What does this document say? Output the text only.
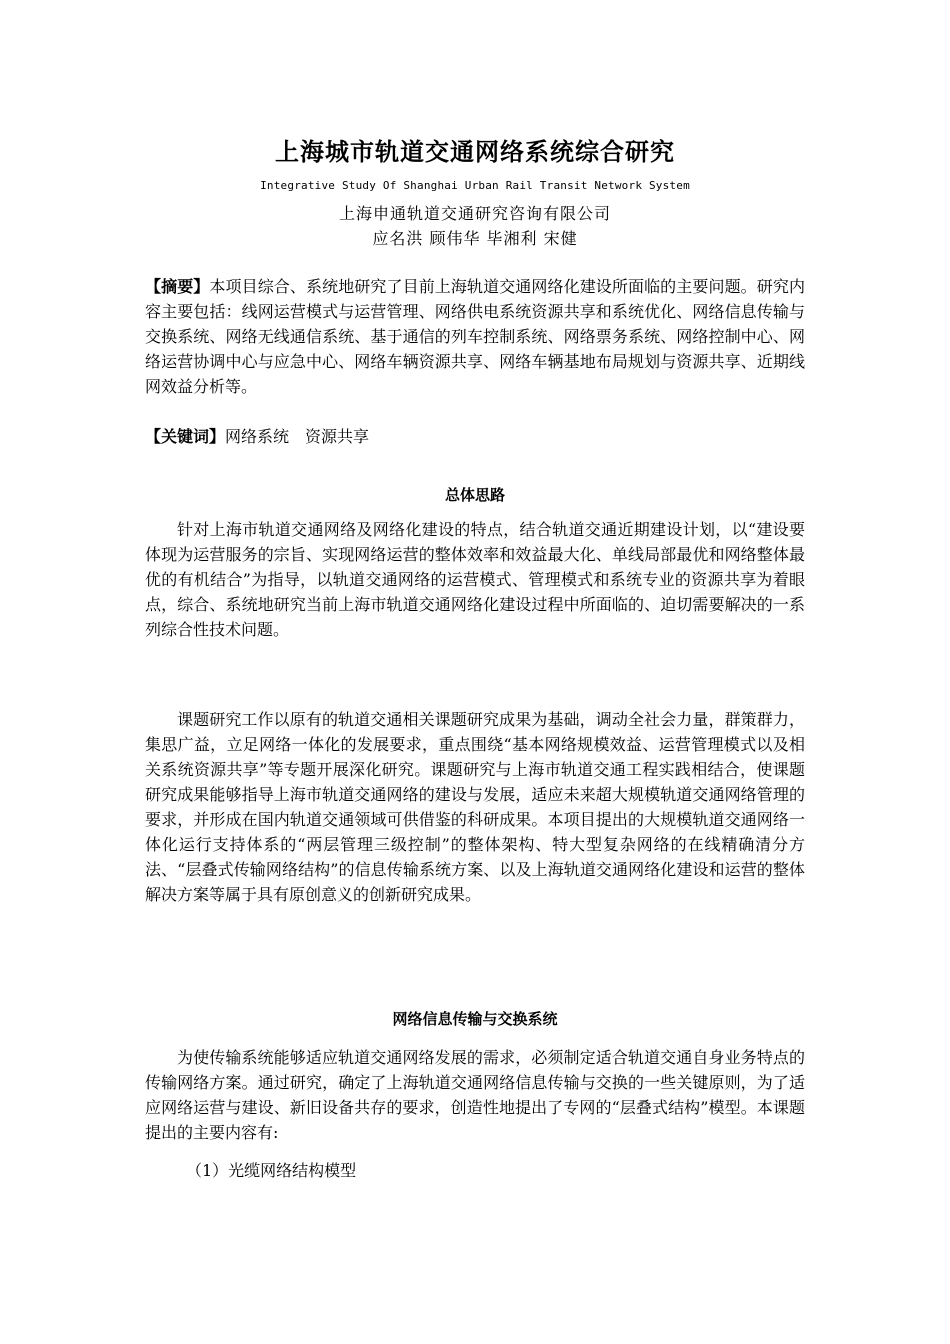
上海城市轨道交通网络系统综合研究
Integrative Study Of Shanghai Urban Rail Transit Network System
上海申通轨道交通研究咨询有限公司
应名洪 顾伟华 毕湘利 宋健
【摘要】本项目综合、系统地研究了目前上海轨道交通网络化建设所面临的主要问题。研究内容主要包括：线网运营模式与运营管理、网络供电系统资源共享和系统优化、网络信息传输与交换系统、网络无线通信系统、基于通信的列车控制系统、网络票务系统、网络控制中心、网络运营协调中心与应急中心、网络车辆资源共享、网络车辆基地布局规划与资源共享、近期线网效益分析等。
【关键词】网络系统　资源共享
总体思路
针对上海市轨道交通网络及网络化建设的特点，结合轨道交通近期建设计划，以“建设要体现为运营服务的宗旨、实现网络运营的整体效率和效益最大化、单线局部最优和网络整体最优的有机结合”为指导，以轨道交通网络的运营模式、管理模式和系统专业的资源共享为着眼点，综合、系统地研究当前上海市轨道交通网络化建设过程中所面临的、迫切需要解决的一系列综合性技术问题。
课题研究工作以原有的轨道交通相关课题研究成果为基础，调动全社会力量，群策群力，集思广益，立足网络一体化的发展要求，重点围绕“基本网络规模效益、运营管理模式以及相关系统资源共享”等专题开展深化研究。课题研究与上海市轨道交通工程实践相结合，使课题研究成果能够指导上海市轨道交通网络的建设与发展，适应未来超大规模轨道交通网络管理的要求，并形成在国内轨道交通领域可供借鉴的科研成果。本项目提出的大规模轨道交通网络一体化运行支持体系的“两层管理三级控制”的整体架构、特大型复杂网络的在线精确清分方法、“层叠式传输网络结构”的信息传输系统方案、以及上海轨道交通网络化建设和运营的整体解决方案等属于具有原创意义的创新研究成果。
网络信息传输与交换系统
为使传输系统能够适应轨道交通网络发展的需求，必须制定适合轨道交通自身业务特点的传输网络方案。通过研究，确定了上海轨道交通网络信息传输与交换的一些关键原则，为了适应网络运营与建设、新旧设备共存的要求，创造性地提出了专网的“层叠式结构”模型。本课题提出的主要内容有:
（1）光缆网络结构模型
